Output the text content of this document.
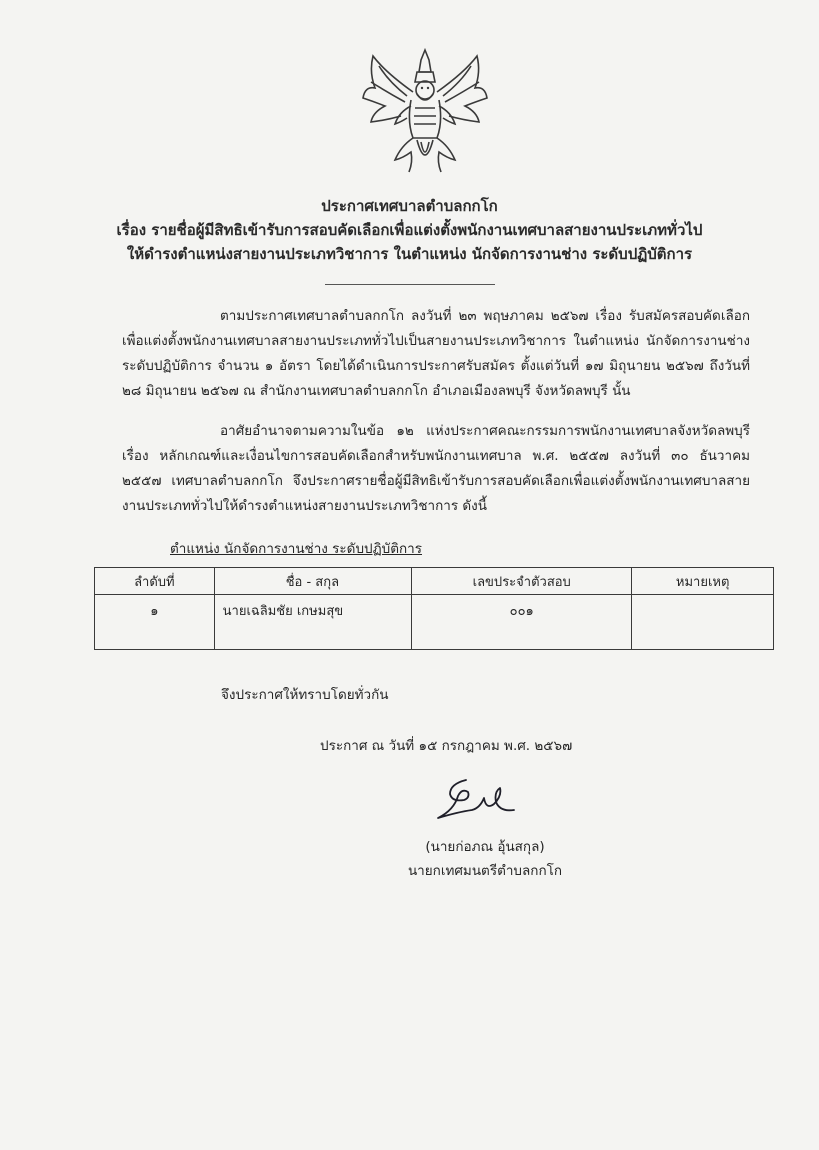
ประกาศเทศบาลตำบลกกโก
เรื่อง รายชื่อผู้มีสิทธิเข้ารับการสอบคัดเลือกเพื่อแต่งตั้งพนักงานเทศบาลสายงานประเภททั่วไป
ให้ดำรงตำแหน่งสายงานประเภทวิชาการ ในตำแหน่ง นักจัดการงานช่าง ระดับปฏิบัติการ
ตามประกาศเทศบาลตำบลกกโก ลงวันที่ ๒๓ พฤษภาคม ๒๕๖๗ เรื่อง รับสมัครสอบคัดเลือกเพื่อแต่งตั้งพนักงานเทศบาลสายงานประเภททั่วไปเป็นสายงานประเภทวิชาการ ในตำแหน่ง นักจัดการงานช่าง ระดับปฏิบัติการ จำนวน ๑ อัตรา โดยได้ดำเนินการประกาศรับสมัคร ตั้งแต่วันที่ ๑๗ มิถุนายน ๒๕๖๗ ถึงวันที่ ๒๘ มิถุนายน ๒๕๖๗ ณ สำนักงานเทศบาลตำบลกกโก อำเภอเมืองลพบุรี จังหวัดลพบุรี นั้น
อาศัยอำนาจตามความในข้อ ๑๒ แห่งประกาศคณะกรรมการพนักงานเทศบาลจังหวัดลพบุรี เรื่อง หลักเกณฑ์และเงื่อนไขการสอบคัดเลือกสำหรับพนักงานเทศบาล พ.ศ. ๒๕๕๗ ลงวันที่ ๓๐ ธันวาคม ๒๕๕๗ เทศบาลตำบลกกโก จึงประกาศรายชื่อผู้มีสิทธิเข้ารับการสอบคัดเลือกเพื่อแต่งตั้งพนักงานเทศบาลสายงานประเภททั่วไปให้ดำรงตำแหน่งสายงานประเภทวิชาการ ดังนี้
ตำแหน่ง นักจัดการงานช่าง ระดับปฏิบัติการ
ลำดับที่	ชื่อ - สกุล	เลขประจำตัวสอบ	หมายเหตุ
๑	นายเฉลิมชัย เกษมสุข	๐๐๑	
จึงประกาศให้ทราบโดยทั่วกัน
ประกาศ ณ วันที่ ๑๕ กรกฎาคม พ.ศ. ๒๕๖๗
(นายก่อภณ อุ้นสกุล)
นายกเทศมนตรีตำบลกกโก
